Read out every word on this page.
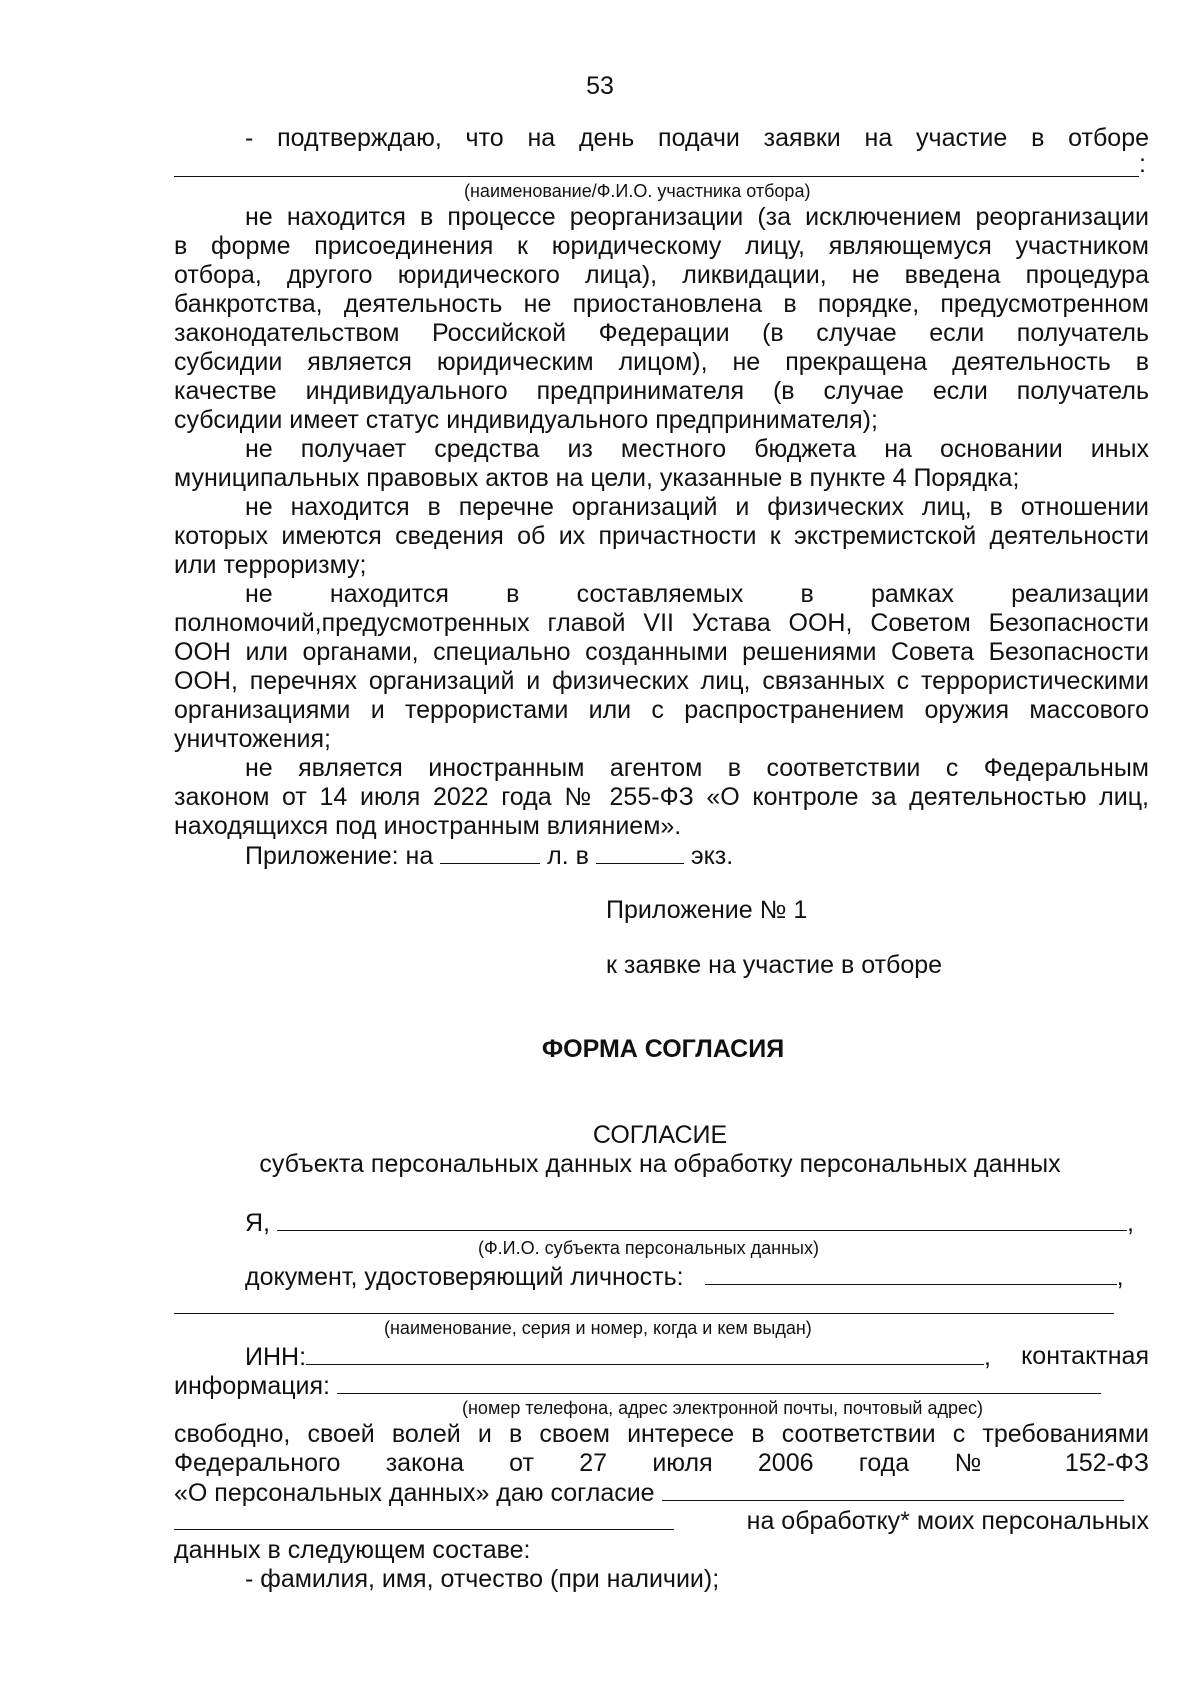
53
- подтверждаю, что на день подачи заявки на участие в отборе
:
(наименование/Ф.И.О. участника отбора)
не находится в процессе реорганизации (за исключением реорганизации
в форме присоединения к юридическому лицу, являющемуся участником
отбора, другого юридического лица), ликвидации, не введена процедура
банкротства, деятельность не приостановлена в порядке, предусмотренном
законодательством Российской Федерации (в случае если получатель
субсидии является юридическим лицом), не прекращена деятельность в
качестве индивидуального предпринимателя (в случае если получатель
субсидии имеет статус индивидуального предпринимателя);
не получает средства из местного бюджета на основании иных
муниципальных правовых актов на цели, указанные в пункте 4 Порядка;
не находится в перечне организаций и физических лиц, в отношении
которых имеются сведения об их причастности к экстремистской деятельности
или терроризму;
не находится в составляемых в рамках реализации
полномочий,предусмотренных главой VII Устава ООН, Советом Безопасности
ООН или органами, специально созданными решениями Совета Безопасности
ООН, перечнях организаций и физических лиц, связанных с террористическими
организациями и террористами или с распространением оружия массового
уничтожения;
не является иностранным агентом в соответствии с Федеральным
законом от 14 июля 2022 года № 255-ФЗ «О контроле за деятельностью лиц,
находящихся под иностранным влиянием».
Приложение: на	л. в	экз.
Приложение № 1
к заявке на участие в отборе
ФОРМА СОГЛАСИЯ
СОГЛАСИЕ
субъекта персональных данных на обработку персональных данных
Я,	,
(Ф.И.О. субъекта персональных данных)
документ, удостоверяющий личность:	,
(наименование, серия и номер, когда и кем выдан)
ИНН:	, контактная
информация:
(номер телефона, адрес электронной почты, почтовый адрес)
свободно, своей волей и в своем интересе в соответствии с требованиями
Федерального закона от 27 июля 2006 года № 152-ФЗ
«О персональных данных» даю согласие
на обработку* моих персональных
данных в следующем составе:
- фамилия, имя, отчество (при наличии);
